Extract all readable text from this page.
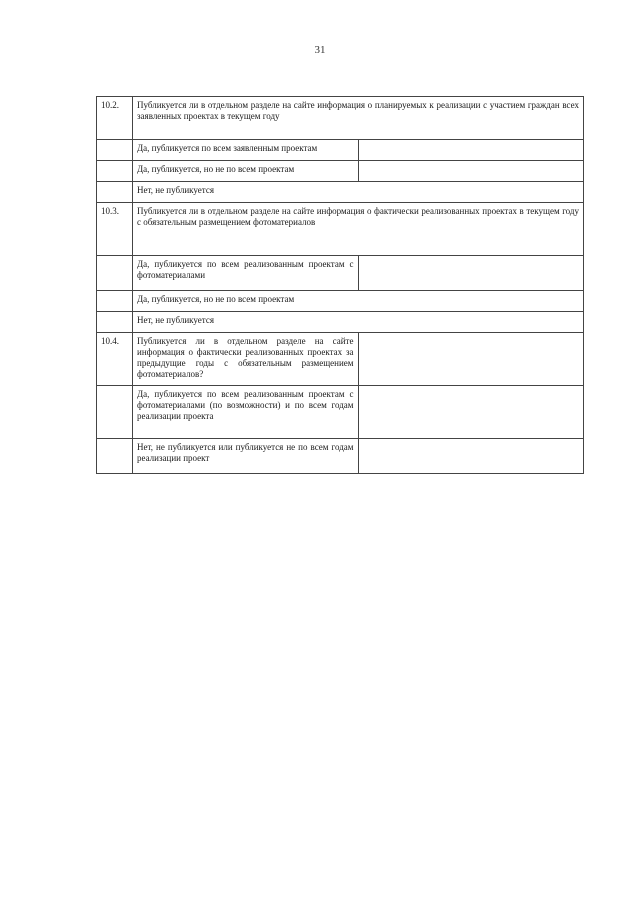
31
10.2.	Публикуется ли в отдельном разделе на сайте информация о планируемых к реализации с участием граждан всех заявленных проектах в текущем году	
	Да, публикуется по всем заявленным проектам	
	Да, публикуется, но не по всем проектам	
	Нет, не публикуется	
10.3.	Публикуется ли в отдельном разделе на сайте информация о фактически реализованных проектах в текущем году с обязательным размещением фотоматериалов	
	Да, публикуется по всем реализованным проектам с фотоматериалами	
	Да, публикуется, но не по всем проектам	
	Нет, не публикуется	
10.4.	Публикуется ли в отдельном разделе на сайте информация о фактически реализованных проектах за предыдущие годы с обязательным размещением фотоматериалов?	
	Да, публикуется по всем реализованным проектам с фотоматериалами (по возможности) и по всем годам реализации проекта	
	Нет, не публикуется или публикуется не по всем годам реализации проект	
